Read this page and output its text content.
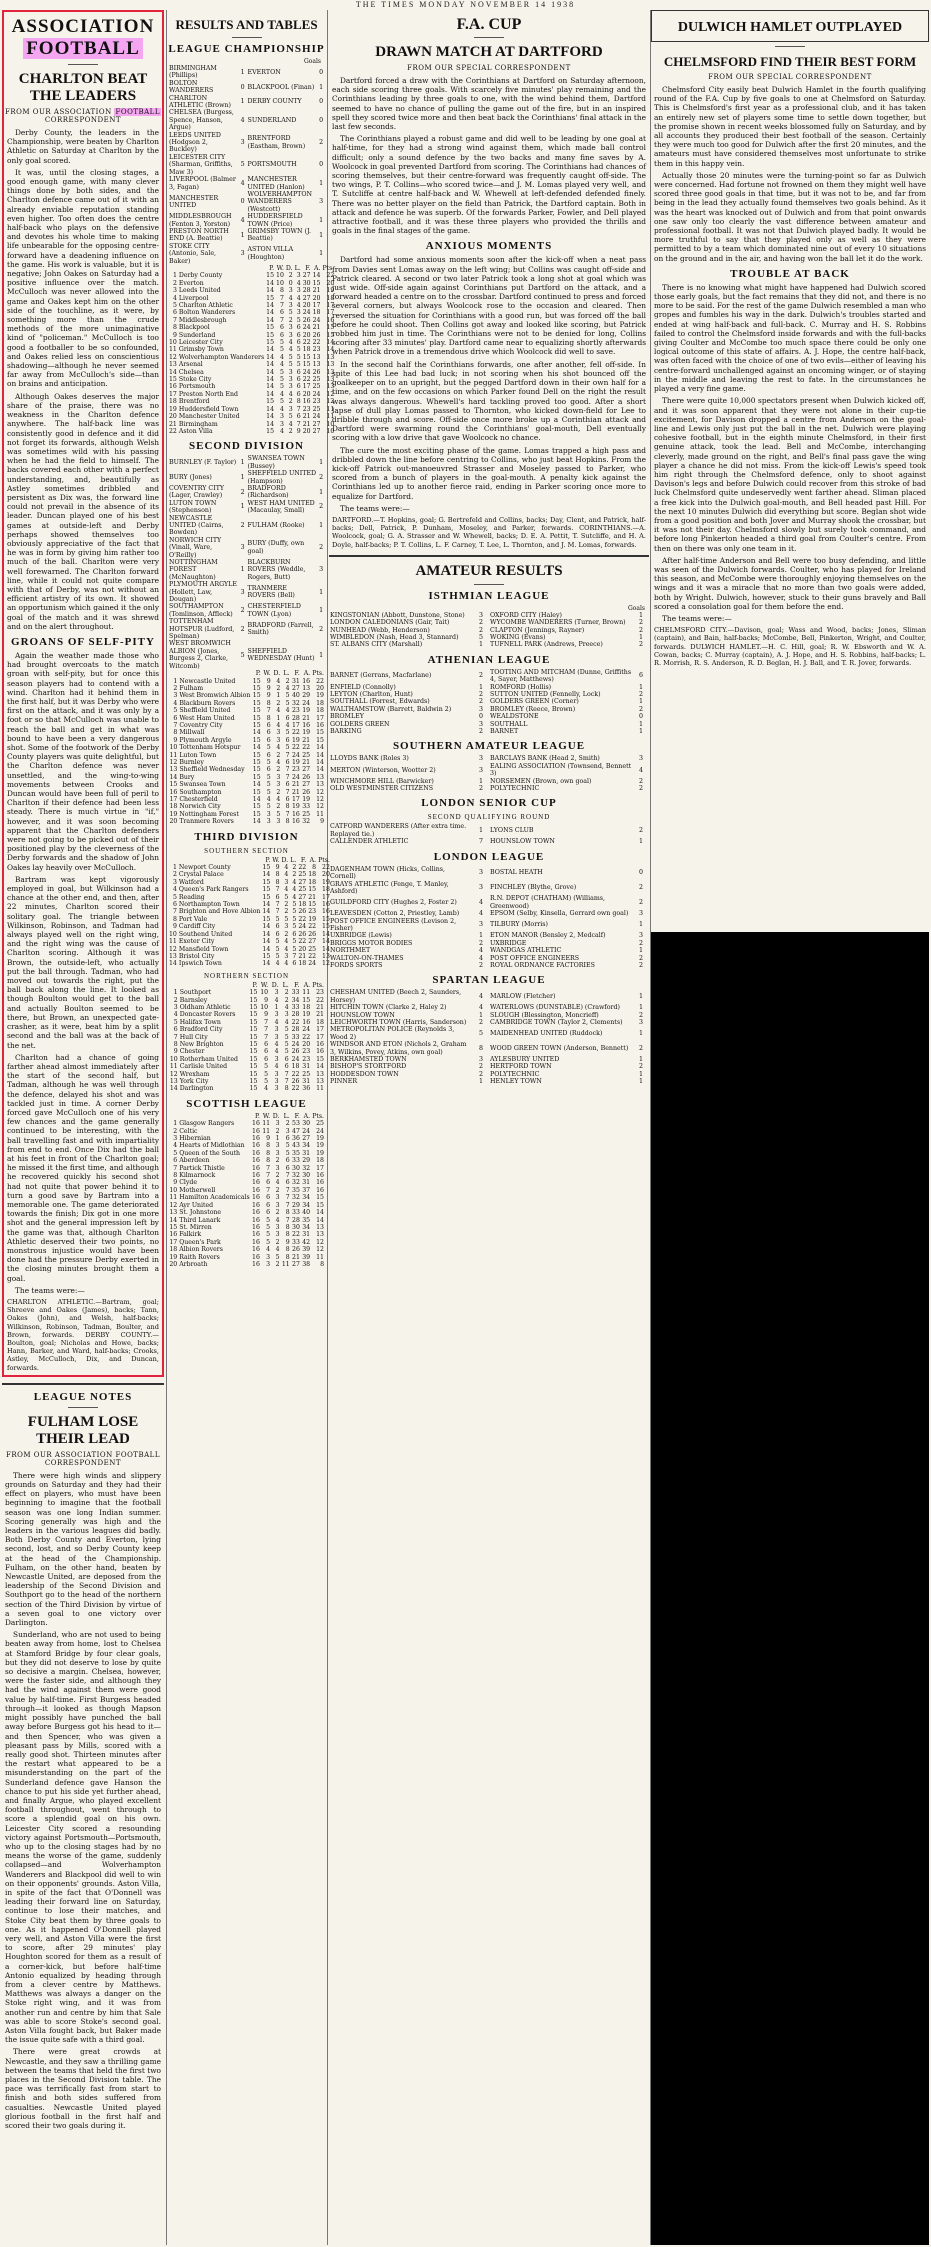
THE TIMES MONDAY NOVEMBER 14 1938
ASSOCIATION
FOOTBALL
CHARLTON BEAT THE LEADERS
FROM OUR ASSOCIATION FOOTBALL CORRESPONDENT

Derby County, the leaders in the Championship, were beaten by Charlton Athletic on Saturday at Charlton by the only goal scored.

It was, until the closing stages, a good enough game, with many clever things done by both sides, and the Charlton defence came out of it with an already enviable reputation standing even higher. Too often does the centre half-back who plays on the defensive and devotes his whole time to making life unbearable for the opposing centre-forward have a deadening influence on the game. His work is valuable, but it is negative; John Oakes on Saturday had a positive influence over the match. McCulloch was never allowed into the game and Oakes kept him on the other side of the touchline, as it were, by something more than the crude methods of the more unimaginative kind of "policeman." McCulloch is too good a footballer to be so confounded, and Oakes relied less on conscientious shadowing—although he never seemed far away from McCulloch's side—than on brains and anticipation.

Although Oakes deserves the major share of the praise, there was no weakness in the Charlton defence anywhere. The half-back line was consistently good in defence and it did not forget its forwards, although Welsh was sometimes wild with his passing when he had the field to himself. The backs covered each other with a perfect understanding, and, beautifully as Astley sometimes dribbled and persistent as Dix was, the forward line could not prevail in the absence of its leader. Duncan played one of his best games at outside-left and Derby perhaps showed themselves too obviously appreciative of the fact that he was in form by giving him rather too much of the ball. Charlton were very well forewarned. The Charlton forward line, while it could not quite compare with that of Derby, was not without an efficient artistry of its own. It showed an opportunism which gained it the only goal of the match and it was shrewd and on the alert throughout.

GROANS OF SELF-PITY

Again the weather made those who had brought overcoats to the match groan with self-pity, but for once this season players had to contend with a wind. Charlton had it behind them in the first half, but it was Derby who were first on the attack, and it was only by a foot or so that McCulloch was unable to reach the ball and get in what was bound to have been a very dangerous shot. Some of the footwork of the Derby County players was quite delightful, but the Charlton defence was never unsettled, and the wing-to-wing movements between Crooks and Duncan would have been full of peril to Charlton if their defence had been less steady. There is much virtue in "if," however, and it was soon becoming apparent that the Charlton defenders were not going to be picked out of their positioned play by the cleverness of the Derby forwards and the shadow of John Oakes lay heavily over McCulloch.

Bartram was kept vigorously employed in goal, but Wilkinson had a chance at the other end, and then, after 22 minutes, Charlton scored their solitary goal. The triangle between Wilkinson, Robinson, and Tadman had always played well on the right wing, and the right wing was the cause of Charlton scoring. Although it was Brown, the outside-left, who actually put the ball through. Tadman, who had moved out towards the right, put the ball back along the line. It looked as though Boulton would get to the ball and actually Boulton seemed to be there, but Brown, an unexpected gate-crasher, as it were, beat him by a split second and the ball was at the back of the net.

Charlton had a chance of going farther ahead almost immediately after the start of the second half, but Tadman, although he was well through the defence, delayed his shot and was tackled just in time. A corner Derby forced gave McCulloch one of his very few chances and the game generally continued to be interesting, with the ball travelling fast and with impartiality from end to end. Once Dix had the ball at his feet in front of the Charlton goal; he missed it the first time, and although he recovered quickly his second shot had not quite that power behind it to turn a good save by Bartram into a memorable one. The game deteriorated towards the finish; Dix got in one more shot and the general impression left by the game was that, although Charlton Athletic deserved their two points, no monstrous injustice would have been done had the pressure Derby exerted in the closing minutes brought them a goal.

The teams were:—

CHARLTON ATHLETIC.—Bartram, goal; Shreeve and Oakes (James), backs; Tann, Oakes (John), and Welsh, half-backs; Wilkinson, Robinson, Tadman, Boulter, and Brown, forwards. DERBY COUNTY.—Boulton, goal; Nicholas and Howe, backs; Hann, Barker, and Ward, half-backs; Crooks, Astley, McCulloch, Dix, and Duncan, forwards.

LEAGUE NOTES
FULHAM LOSE THEIR LEAD
FROM OUR ASSOCIATION FOOTBALL CORRESPONDENT

There were high winds and slippery grounds on Saturday and they had their effect on players, who must have been beginning to imagine that the football season was one long Indian summer. Scoring generally was high and the leaders in the various leagues did badly. Both Derby County and Everton, lying second, lost, and so Derby County keep at the head of the Championship. Fulham, on the other hand, beaten by Newcastle United, are deposed from the leadership of the Second Division and Southport go to the head of the northern section of the Third Division by virtue of a seven goal to one victory over Darlington.

Sunderland, who are not used to being beaten away from home, lost to Chelsea at Stamford Bridge by four clear goals, but they did not deserve to lose by quite so decisive a margin. Chelsea, however, were the faster side, and although they had the wind against them were good value by half-time. First Burgess headed through—it looked as though Mapson might possibly have punched the ball away before Burgess got his head to it—and then Spencer, who was given a pleasant pass by Mills, scored with a really good shot. Thirteen minutes after the restart what appeared to be a misunderstanding on the part of the Sunderland defence gave Hanson the chance to put his side yet further ahead, and finally Argue, who played excellent football throughout, went through to score a splendid goal on his own. Leicester City scored a resounding victory against Portsmouth—Portsmouth, who up to the closing stages had by no means the worse of the game, suddenly collapsed—and Wolverhampton Wanderers and Blackpool did well to win on their opponents' grounds. Aston Villa, in spite of the fact that O'Donnell was leading their forward line on Saturday, continue to lose their matches, and Stoke City beat them by three goals to one. As it happened O'Donnell played very well, and Aston Villa were the first to score, after 29 minutes' play Houghton scored for them as a result of a corner-kick, but before half-time Antonio equalized by heading through from a clever centre by Matthews. Matthews was always a danger on the Stoke right wing, and it was from another run and centre by him that Sale was able to score Stoke's second goal. Aston Villa fought back, but Baker made the issue quite safe with a third goal.

There were great crowds at Newcastle, and they saw a thrilling game between the teams that held the first two places in the Second Division table. The pace was terrifically fast from start to finish and both sides suffered from casualties. Newcastle United played glorious football in the first half and scored their two goals during it.

RESULTS AND TABLES
LEAGUE CHAMPIONSHIP
Goals
BIRMINGHAM (Phillips)	1	EVERTON	0
BOLTON WANDERERS	0	BLACKPOOL (Finan)	1
CHARLTON ATHLETIC (Brown)	1	DERBY COUNTY	0
CHELSEA (Burgess, Spence, Hanson, Argue)	4	SUNDERLAND	0
LEEDS UNITED (Hodgson 2, Buckley)	3	BRENTFORD (Eastham, Brown)	2
LEICESTER CITY (Sharman, Griffiths, Maw 3)	5	PORTSMOUTH	0
LIVERPOOL (Balmer 3, Fagan)	4	MANCHESTER UNITED (Hanlon)	1
MANCHESTER UNITED	0	WOLVERHAMPTON WANDERERS (Westcott)	3
MIDDLESBROUGH (Fenton 3, Yorston)	4	HUDDERSFIELD TOWN (Price)	1
PRESTON NORTH END (A. Beattie)	1	GRIMSBY TOWN (J. Beattie)	1
STOKE CITY (Antonio, Sale, Baker)	3	ASTON VILLA (Houghton)	1
		P.	W.	D.	L.	F.	A.	Pts.
1	Derby County	15	10	2	3	27	14	22
2	Everton	14	10	0	4	30	15	20
3	Leeds United	14	8	3	3	28	21	19
4	Liverpool	15	7	4	4	27	20	18
5	Charlton Athletic	14	7	3	4	20	17	17
6	Bolton Wanderers	14	6	5	3	24	18	17
7	Middlesbrough	14	7	2	5	26	24	16
8	Blackpool	15	6	3	6	24	21	15
9	Sunderland	15	6	3	6	20	26	15
10	Leicester City	15	5	4	6	22	22	14
11	Grimsby Town	14	5	4	5	18	23	14
12	Wolverhampton Wanderers	14	4	5	5	15	13	13
13	Arsenal	14	4	5	5	15	13	13
14	Chelsea	14	5	3	6	24	26	13
15	Stoke City	14	5	3	6	22	25	13
16	Portsmouth	14	5	3	6	17	25	13
17	Preston North End	14	4	4	6	20	24	12
18	Brentford	15	5	2	8	16	23	12
19	Huddersfield Town	14	4	3	7	23	25	11
20	Manchester United	14	3	5	6	21	24	11
21	Birmingham	14	3	4	7	21	27	10
22	Aston Villa	15	4	2	9	20	27	10
SECOND DIVISION
BURNLEY (F. Taylor)	1	SWANSEA TOWN (Bussey)	1
BURY (Jones)	1	SHEFFIELD UNITED (Hampson)	2
COVENTRY CITY (Lager, Crawley)	2	BRADFORD (Richardson)	1
LUTON TOWN (Stephenson)	1	WEST HAM UNITED (Macaulay, Small)	2
NEWCASTLE UNITED (Cairns, Bowden)	2	FULHAM (Rooke)	1
NORWICH CITY (Vinall, Ware, O'Reilly)	3	BURY (Duffy, own goal)	2
NOTTINGHAM FOREST (McNaughton)	1	BLACKBURN ROVERS (Weddle, Rogers, Butt)	3
PLYMOUTH ARGYLE (Hollett, Law, Dougan)	3	TRANMERE ROVERS (Bell)	1
SOUTHAMPTON (Tomlinson, Affleck)	2	CHESTERFIELD TOWN (Lyon)	1
TOTTENHAM HOTSPUR (Ludford, Spelman)	2	BRADFORD (Farrell, Smith)	2
WEST BROMWICH ALBION (Jones, Burgess 2, Clarke, Witcomb)	5	SHEFFIELD WEDNESDAY (Hunt)	1
		P.	W.	D.	L.	F.	A.	Pts.
1	Newcastle United	15	9	4	2	31	16	22
2	Fulham	15	9	2	4	27	13	20
3	West Bromwich Albion	15	9	1	5	40	29	19
4	Blackburn Rovers	15	8	2	5	32	24	18
5	Sheffield United	15	7	4	4	23	19	18
6	West Ham United	15	8	1	6	28	21	17
7	Coventry City	15	6	4	4	17	16	16
8	Millwall	14	6	3	5	22	19	15
9	Plymouth Argyle	15	6	3	6	19	21	15
10	Tottenham Hotspur	14	5	4	5	22	22	14
11	Luton Town	15	6	2	7	24	25	14
12	Burnley	15	5	4	6	19	21	14
13	Sheffield Wednesday	15	6	2	7	23	27	14
14	Bury	15	5	3	7	24	26	13
15	Swansea Town	14	5	3	6	21	27	13
16	Southampton	15	5	2	7	21	26	12
17	Chesterfield	14	4	4	6	17	19	12
18	Norwich City	15	5	2	8	19	33	12
19	Nottingham Forest	15	3	5	7	16	25	11
20	Tranmere Rovers	14	3	3	8	16	32	9
THIRD DIVISION
SOUTHERN SECTION
		P.	W.	D.	L.	F.	A.	Pts.
1	Newport County	15	9	4	2	22	8	22
2	Crystal Palace	14	8	4	2	25	18	20
3	Watford	15	8	3	4	27	18	19
4	Queen's Park Rangers	15	7	4	4	25	15	18
5	Reading	15	6	5	4	27	21	17
6	Northampton Town	14	7	2	5	18	15	16
7	Brighton and Hove Albion	14	7	2	5	26	23	16
8	Port Vale	15	5	5	5	22	19	15
9	Cardiff City	14	6	3	5	24	22	15
10	Southend United	14	6	2	6	26	26	14
11	Exeter City	14	5	4	5	22	27	14
12	Mansfield Town	14	5	4	5	20	25	14
13	Bristol City	15	5	3	7	21	22	13
14	Ipswich Town	14	4	4	6	18	24	12
NORTHERN SECTION
		P.	W.	D.	L.	F.	A.	Pts.
1	Southport	15	10	3	2	33	11	23
2	Barnsley	15	9	4	2	34	15	22
3	Oldham Athletic	15	10	1	4	33	18	21
4	Doncaster Rovers	15	9	3	3	28	19	21
5	Halifax Town	15	7	4	4	22	16	18
6	Bradford City	15	7	3	5	28	24	17
7	Hull City	15	7	3	5	33	22	17
8	New Brighton	15	6	4	5	24	20	16
9	Chester	15	6	4	5	26	23	16
10	Rotherham United	15	6	3	6	24	23	15
11	Carlisle United	15	5	4	6	18	31	14
12	Wrexham	15	5	3	7	22	25	13
13	York City	15	5	3	7	26	31	13
14	Darlington	15	4	3	8	22	36	11
SCOTTISH LEAGUE
		P.	W.	D.	L.	F.	A.	Pts.
1	Glasgow Rangers	16	11	3	2	53	30	25
2	Celtic	16	11	2	3	47	24	24
3	Hibernian	16	9	1	6	36	27	19
4	Hearts of Midlothian	16	8	3	5	43	34	19
5	Queen of the South	16	8	3	5	35	31	19
6	Aberdeen	16	8	2	6	33	29	18
7	Partick Thistle	16	7	3	6	30	32	17
8	Kilmarnock	16	7	2	7	32	30	16
9	Clyde	16	6	4	6	32	31	16
10	Motherwell	16	7	2	7	35	37	16
11	Hamilton Academicals	16	6	3	7	32	34	15
12	Ayr United	16	6	3	7	29	34	15
13	St. Johnstone	16	6	2	8	33	40	14
14	Third Lanark	16	5	4	7	28	35	14
15	St. Mirren	16	5	3	8	30	34	13
16	Falkirk	16	5	3	8	22	31	13
17	Queen's Park	16	5	2	9	33	42	12
18	Albion Rovers	16	4	4	8	26	39	12
19	Raith Rovers	16	3	5	8	21	39	11
20	Arbroath	16	3	2	11	27	38	8
F.A. CUP
DRAWN MATCH AT DARTFORD
FROM OUR SPECIAL CORRESPONDENT

Dartford forced a draw with the Corinthians at Dartford on Saturday afternoon, each side scoring three goals. With scarcely five minutes' play remaining and the Corinthians leading by three goals to one, with the wind behind them, Dartford seemed to have no chance of pulling the game out of the fire, but in an inspired spell they scored twice more and then beat back the Corinthians' final attack in the last few seconds.

The Corinthians played a robust game and did well to be leading by one goal at half-time, for they had a strong wind against them, which made ball control difficult; only a sound defence by the two backs and many fine saves by A. Woolcock in goal prevented Dartford from scoring. The Corinthians had chances of scoring themselves, but their centre-forward was frequently caught off-side. The two wings, P. T. Collins—who scored twice—and J. M. Lomas played very well, and T. Sutcliffe at centre half-back and W. Whewell at left-defended defended finely. There was no better player on the field than Patrick, the Dartford captain. Both in attack and defence he was superb. Of the forwards Parker, Fowler, and Dell played attractive football, and it was these three players who provided the thrills and goals in the final stages of the game.

ANXIOUS MOMENTS

Dartford had some anxious moments soon after the kick-off when a neat pass from Davies sent Lomas away on the left wing; but Collins was caught off-side and Patrick cleared. A second or two later Patrick took a long shot at goal which was just wide. Off-side again against Corinthians put Dartford on the attack, and a forward headed a centre on to the crossbar. Dartford continued to press and forced several corners, but always Woolcock rose to the occasion and cleared. Then reversed the situation for Corinthians with a good run, but was forced off the ball before he could shoot. Then Collins got away and looked like scoring, but Patrick robbed him just in time. The Corinthians were not to be denied for long, Collins scoring after 33 minutes' play. Dartford came near to equalizing shortly afterwards when Patrick drove in a tremendous drive which Woolcock did well to save.

In the second half the Corinthians forwards, one after another, fell off-side. In spite of this Lee had bad luck; in not scoring when his shot bounced off the goalkeeper on to an upright, but the pegged Dartford down in their own half for a time, and on the few occasions on which Parker found Dell on the right the result was always dangerous. Whewell's hard tackling proved too good. After a short lapse of dull play Lomas passed to Thornton, who kicked down-field for Lee to dribble through and score. Off-side once more broke up a Corinthian attack and Dartford were swarming round the Corinthians' goal-mouth, Dell eventually scoring with a low drive that gave Woolcock no chance.

The cure the most exciting phase of the game. Lomas trapped a high pass and dribbled down the line before centring to Collins, who just beat Hopkins. From the kick-off Patrick out-manoeuvred Strasser and Moseley passed to Parker, who scored from a bunch of players in the goal-mouth. A penalty kick against the Corinthians led up to another fierce raid, ending in Parker scoring once more to equalize for Dartford.

The teams were:—

DARTFORD.—T. Hopkins, goal; G. Bertrefeld and Collins, backs; Day, Clent, and Patrick, half-backs; Dell, Patrick, P. Dunham, Moseley, and Parker, forwards. CORINTHIANS.—A. Woolcock, goal; G. A. Strasser and W. Whewell, backs; D. E. A. Pettit, T. Sutcliffe, and H. A. Doyle, half-backs; P. T. Collins, L. F. Carney, T. Lee, L. Thornton, and J. M. Lomas, forwards.

AMATEUR RESULTS
ISTHMIAN LEAGUE
Goals
KINGSTONIAN (Abbott, Dunstone, Stone)	3	OXFORD CITY (Haley)	1
LONDON CALEDONIANS (Gair, Tait)	2	WYCOMBE WANDERERS (Turner, Brown)	2
NUNHEAD (Webb, Henderson)	2	CLAPTON (Jennings, Rayner)	2
WIMBLEDON (Nash, Head 3, Stannard)	5	WOKING (Evans)	1
ST. ALBANS CITY (Marshall)	1	TUFNELL PARK (Andrews, Preece)	2
ATHENIAN LEAGUE
BARNET (Gerrans, Macfarlane)	2	TOOTING AND MITCHAM (Dunne, Griffiths 4, Sayer, Matthews)	6
ENFIELD (Connolly)	1	ROMFORD (Hollis)	1
LEYTON (Charlton, Hunt)	2	SUTTON UNITED (Fennelly, Lock)	2
SOUTHALL (Forrest, Edwards)	2	GOLDERS GREEN (Corner)	1
WALTHAMSTOW (Barrett, Baldwin 2)	3	BROMLEY (Reece, Brown)	2
BROMLEY	0	WEALDSTONE	0
GOLDERS GREEN	3	SOUTHALL	1
BARKING	2	BARNET	1
SOUTHERN AMATEUR LEAGUE
LLOYDS BANK (Roles 3)	3	BARCLAYS BANK (Head 2, Smith)	3
MERTON (Winterson, Wootter 2)	3	EALING ASSOCIATION (Townsend, Bennett 3)	4
WINCHMORE HILL (Barwicker)	1	NORSEMEN (Brown, own goal)	2
OLD WESTMINSTER CITIZENS	2	POLYTECHNIC	2
LONDON SENIOR CUP
SECOND QUALIFYING ROUND
CATFORD WANDERERS (After extra time. Replayed tie.)	1	LYONS CLUB	2
CALLENDER ATHLETIC	7	HOUNSLOW TOWN	1
LONDON LEAGUE
DAGENHAM TOWN (Hicks, Collins, Cornell)	3	BOSTAL HEATH	0
GRAYS ATHLETIC (Fenge, T. Manley, Ashford)	3	FINCHLEY (Blythe, Grove)	2
GUILDFORD CITY (Hughes 2, Foster 2)	4	R.N. DEPOT (CHATHAM) (Williams, Greenwood)	2
LEAVESDEN (Cotton 2, Priestley, Lamb)	4	EPSOM (Selby, Kinsella, Gerrard own goal)	3
POST OFFICE ENGINEERS (Levison 2, Fisher)	3	TILBURY (Morris)	1
UXBRIDGE (Lewis)	1	ETON MANOR (Bensley 2, Medcalf)	3
BRIGGS MOTOR BODIES	2	UXBRIDGE	2
NORTHMET	4	WANDGAS ATHLETIC	1
WALTON-ON-THAMES	4	POST OFFICE ENGINEERS	2
FORDS SPORTS	2	ROYAL ORDNANCE FACTORIES	2
SPARTAN LEAGUE
CHESHAM UNITED (Beech 2, Saunders, Horsey)	4	MARLOW (Fletcher)	1
HITCHIN TOWN (Clarke 2, Haley 2)	4	WATERLOWS (DUNSTABLE) (Crawford)	1
HOUNSLOW TOWN	1	SLOUGH (Blessington, Moncrieff)	2
LEICHWORTH TOWN (Harris, Sanderson)	2	CAMBRIDGE TOWN (Taylor 2, Clements)	3
METROPOLITAN POLICE (Reynolds 3, Wood 2)	5	MAIDENHEAD UNITED (Ruddock)	1
WINDSOR AND ETON (Nichols 2, Graham 3, Wilkins, Povey, Atkins, own goal)	8	WOOD GREEN TOWN (Anderson, Bennett)	2
BERKHAMSTED TOWN	3	AYLESBURY UNITED	1
BISHOP'S STORTFORD	2	HERTFORD TOWN	2
HODDESDON TOWN	2	POLYTECHNIC	1
PINNER	1	HENLEY TOWN	1
DULWICH HAMLET OUTPLAYED
CHELMSFORD FIND THEIR BEST FORM
FROM OUR SPECIAL CORRESPONDENT

Chelmsford City easily beat Dulwich Hamlet in the fourth qualifying round of the F.A. Cup by five goals to one at Chelmsford on Saturday. This is Chelmsford's first year as a professional club, and it has taken an entirely new set of players some time to settle down together, but the promise shown in recent weeks blossomed fully on Saturday, and by all accounts they produced their best football of the season. Certainly they were much too good for Dulwich after the first 20 minutes, and the amateurs must have considered themselves most unfortunate to strike them in this happy vein.

Actually those 20 minutes were the turning-point so far as Dulwich were concerned. Had fortune not frowned on them they might well have scored three good goals in that time, but it was not to be, and far from being in the lead they actually found themselves two goals behind. As it was the heart was knocked out of Dulwich and from that point onwards one saw only too clearly the vast difference between amateur and professional football. It was not that Dulwich played badly. It would be more truthful to say that they played only as well as they were permitted to by a team which dominated nine out of every 10 situations on the ground and in the air, and having won the ball let it do the work.

TROUBLE AT BACK

There is no knowing what might have happened had Dulwich scored those early goals, but the fact remains that they did not, and there is no more to be said. For the rest of the game Dulwich resembled a man who gropes and fumbles his way in the dark. Dulwich's troubles started and ended at wing half-back and full-back. C. Murray and H. S. Robbins failed to control the Chelmsford inside forwards and with the full-backs giving Coulter and McCombe too much space there could be only one logical outcome of this state of affairs. A. J. Hope, the centre half-back, was often faced with the choice of one of two evils—either of leaving his centre-forward unchallenged against an oncoming winger, or of staying in the middle and leaving the rest to fate. In the circumstances he played a very fine game.

There were quite 10,000 spectators present when Dulwich kicked off, and it was soon apparent that they were not alone in their cup-tie excitement, for Davison dropped a centre from Anderson on the goal-line and Lewis only just put the ball in the net. Dulwich were playing cohesive football, but in the eighth minute Chelmsford, in their first genuine attack, took the lead. Bell and McCombe, interchanging cleverly, made ground on the right, and Bell's final pass gave the wing player a chance he did not miss. From the kick-off Lewis's speed took him right through the Chelmsford defence, only to shoot against Davison's legs and before Dulwich could recover from this stroke of bad luck Chelmsford quite undeservedly went farther ahead. Sliman placed a free kick into the Dulwich goal-mouth, and Bell headed past Hill. For the next 10 minutes Dulwich did everything but score. Beglan shot wide from a good position and both Jover and Murray shook the crossbar, but it was not their day. Chelmsford slowly but surely took command, and before long Pinkerton headed a third goal from Coulter's centre. From then on there was only one team in it.

After half-time Anderson and Bell were too busy defending, and little was seen of the Dulwich forwards. Coulter, who has played for Ireland this season, and McCombe were thoroughly enjoying themselves on the wings and it was a miracle that no more than two goals were added, both by Wright. Dulwich, however, stuck to their guns bravely and Ball scored a consolation goal for them before the end.

The teams were:—

CHELMSFORD CITY.—Davison, goal; Wass and Wood, backs; Jones, Sliman (captain), and Bain, half-backs; McCombe, Bell, Pinkerton, Wright, and Coulter, forwards. DULWICH HAMLET.—H. C. Hill, goal; R. W. Ebsworth and W. A. Cowan, backs; C. Murray (captain), A. J. Hope, and H. S. Robbins, half-backs; L. R. Morrish, R. S. Anderson, R. D. Beglan, H. J. Ball, and T. R. Jover, forwards.
